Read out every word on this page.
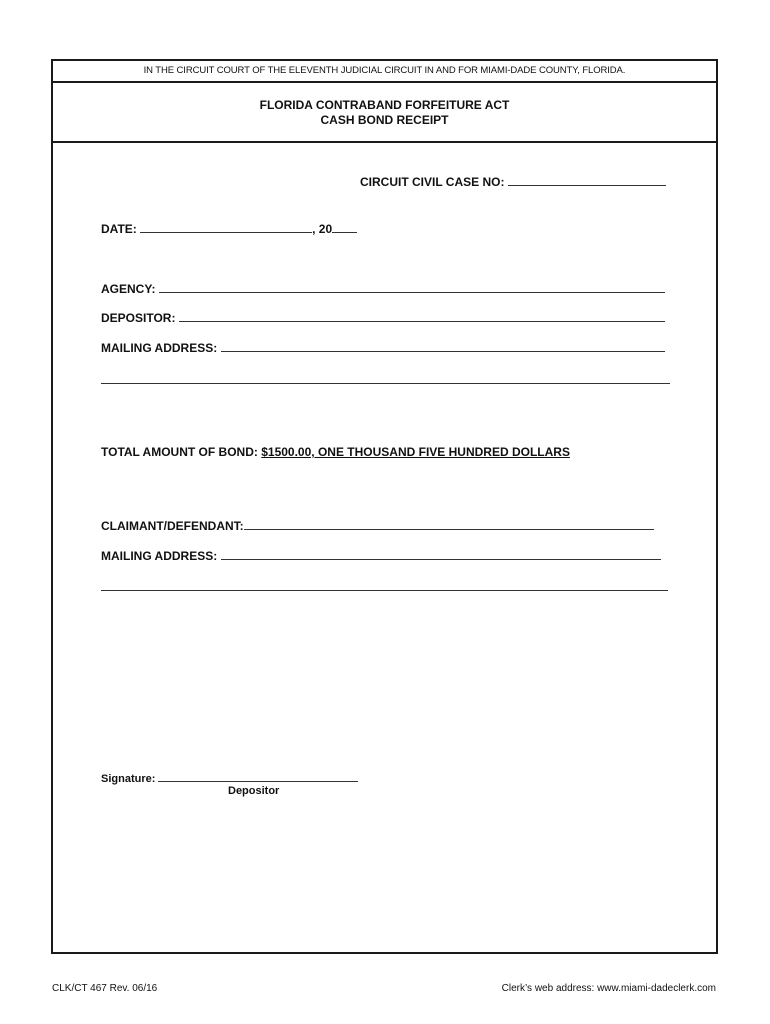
IN THE CIRCUIT COURT OF THE ELEVENTH JUDICIAL CIRCUIT IN AND FOR MIAMI-DADE COUNTY, FLORIDA.
FLORIDA CONTRABAND FORFEITURE ACT
CASH BOND RECEIPT
CIRCUIT CIVIL CASE NO:
DATE:	, 20
AGENCY:
DEPOSITOR:
MAILING ADDRESS:
TOTAL AMOUNT OF BOND: $1500.00, ONE THOUSAND FIVE HUNDRED DOLLARS
CLAIMANT/DEFENDANT:
MAILING ADDRESS:
Signature:
Depositor
CLK/CT 467 Rev. 06/16	Clerk’s web address: www.miami-dadeclerk.com
